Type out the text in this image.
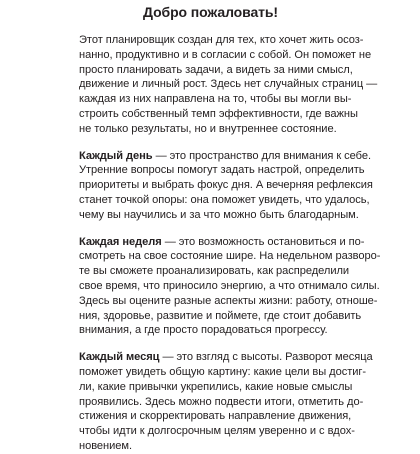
Добро пожаловать!

Этот планировщик создан для тех, кто хочет жить осоз-
нанно, продуктивно и в согласии с собой. Он поможет не
просто планировать задачи, а видеть за ними смысл,
движение и личный рост. Здесь нет случайных страниц —
каждая из них направлена на то, чтобы вы могли вы-
строить собственный темп эффективности, где важны
не только результаты, но и внутреннее состояние.

Каждый день — это пространство для внимания к себе.
Утренние вопросы помогут задать настрой, определить
приоритеты и выбрать фокус дня. А вечерняя рефлексия
станет точкой опоры: она поможет увидеть, что удалось,
чему вы научились и за что можно быть благодарным.

Каждая неделя — это возможность остановиться и по-
смотреть на свое состояние шире. На недельном разворо-
те вы сможете проанализировать, как распределили
свое время, что приносило энергию, а что отнимало силы.
Здесь вы оцените разные аспекты жизни: работу, отноше-
ния, здоровье, развитие и поймете, где стоит добавить
внимания, а где просто порадоваться прогрессу.

Каждый месяц — это взгляд с высоты. Разворот месяца
поможет увидеть общую картину: какие цели вы достиг-
ли, какие привычки укрепились, какие новые смыслы
проявились. Здесь можно подвести итоги, отметить до-
стижения и скорректировать направление движения,
чтобы идти к долгосрочным целям уверенно и с вдох-
новением.
